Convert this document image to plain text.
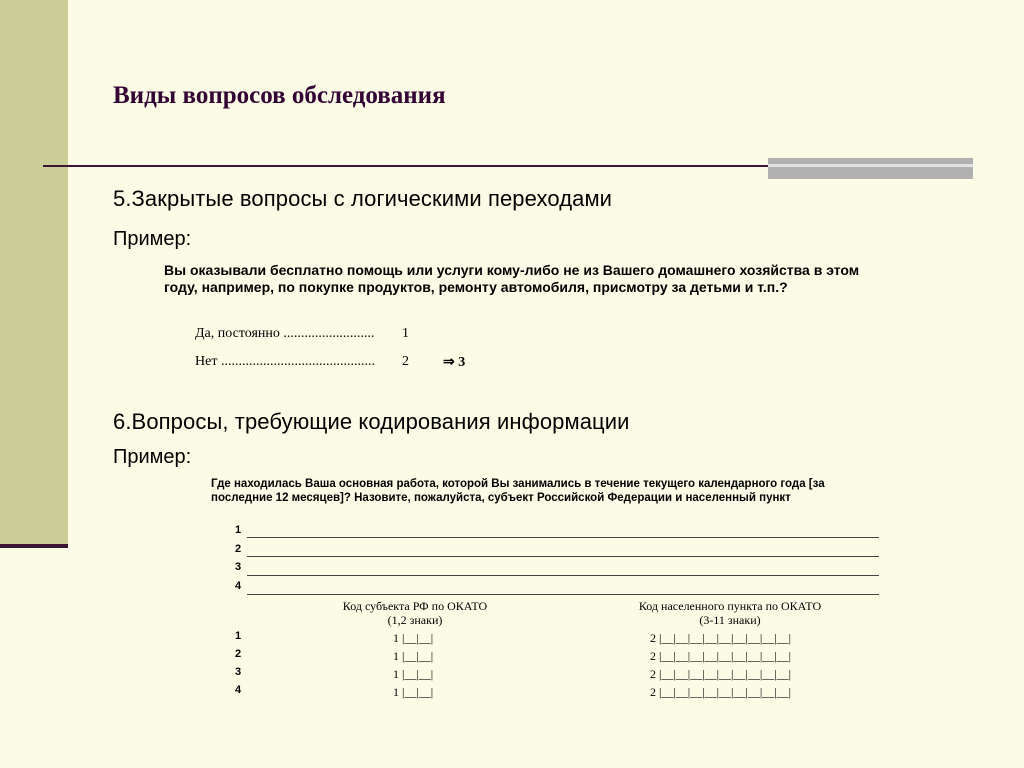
Виды вопросов обследования
5.Закрытые вопросы с логическими переходами
Пример:
Вы оказывали бесплатно помощь или услуги кому-либо не из Вашего домашнего хозяйства в этом году, например, по покупке продуктов, ремонту автомобиля, присмотру за детьми и т.п.?
Да, постоянно .......................... 1
Нет ............................................ 2 ⇒ 3
6.Вопросы, требующие кодирования информации
Пример:
Где находилась Ваша основная работа, которой Вы занимались в течение текущего календарного года [за последние 12 месяцев]? Назовите, пожалуйста, субъект Российской Федерации и населенный пункт
1
2
3
4
Код субъекта РФ по ОКАТО
(1,2 знаки)
Код населенного пункта по ОКАТО
(3-11 знаки)
1	1 |__|__|	2 |__|__|__|__|__|__|__|__|__|
2	1 |__|__|	2 |__|__|__|__|__|__|__|__|__|
3	1 |__|__|	2 |__|__|__|__|__|__|__|__|__|
4	1 |__|__|	2 |__|__|__|__|__|__|__|__|__|
